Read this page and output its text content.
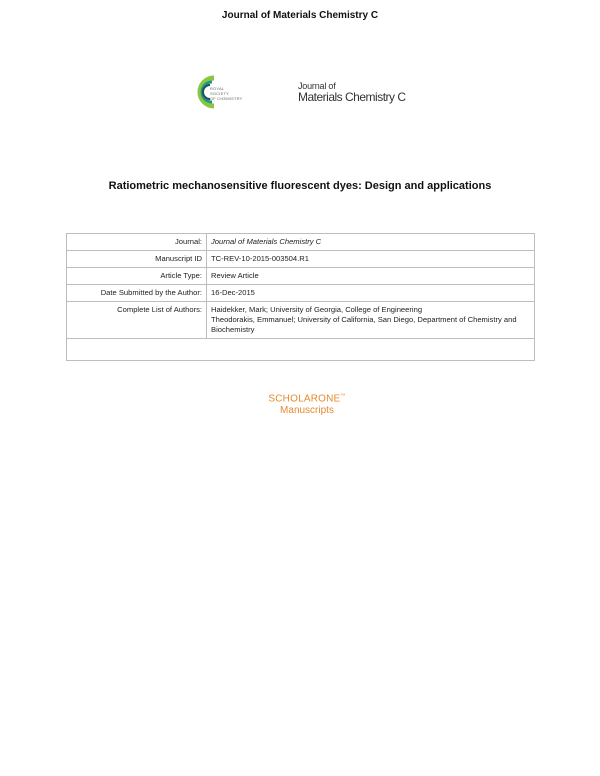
Journal of Materials Chemistry C
ROYAL SOCIETY
OF CHEMISTRY
Journal of
Materials Chemistry C
Ratiometric mechanosensitive fluorescent dyes: Design and applications
Journal:	Journal of Materials Chemistry C
Manuscript ID	TC-REV-10-2015-003504.R1
Article Type:	Review Article
Date Submitted by the Author:	16-Dec-2015
Complete List of Authors:	Haidekker, Mark; University of Georgia, College of Engineering
Theodorakis, Emmanuel; University of California, San Diego, Department of Chemistry and Biochemistry

SCHOLARONE™
Manuscripts
